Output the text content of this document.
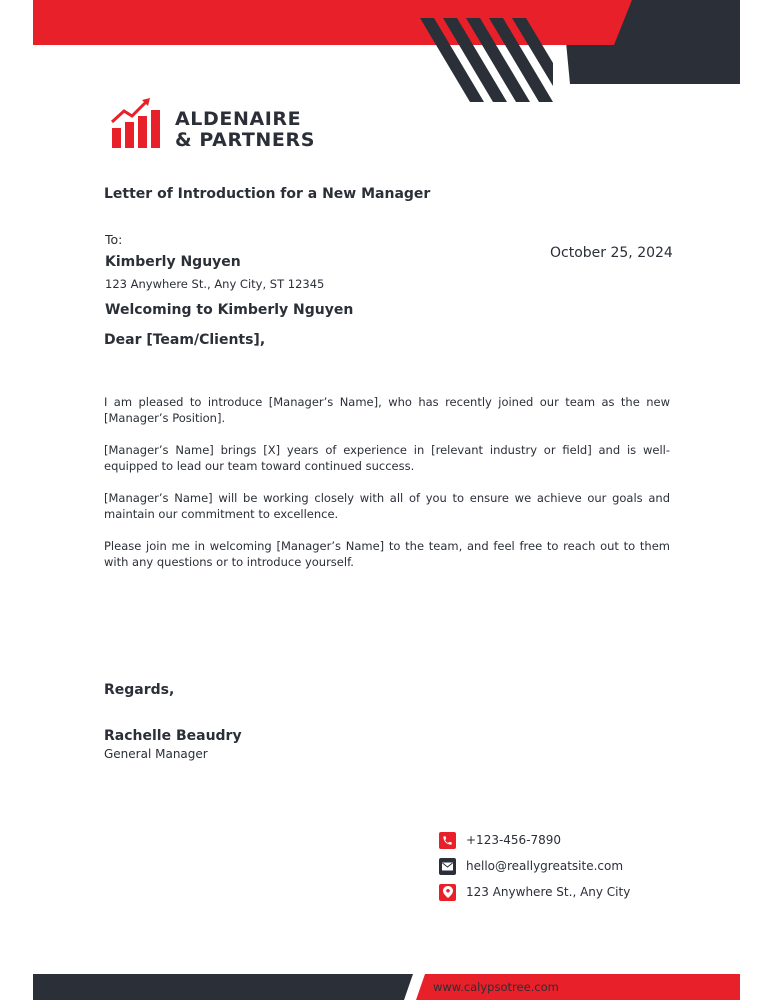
ALDENAIRE
& PARTNERS
Letter of Introduction for a New Manager
To:
Kimberly Nguyen
123 Anywhere St., Any City, ST 12345
October 25, 2024
Welcoming to Kimberly Nguyen
Dear [Team/Clients],
I am pleased to introduce [Manager’s Name], who has recently joined our team as the new [Manager’s Position].
[Manager’s Name] brings [X] years of experience in [relevant industry or field] and is well-equipped to lead our team toward continued success.
[Manager’s Name] will be working closely with all of you to ensure we achieve our goals and maintain our commitment to excellence.
Please join me in welcoming [Manager’s Name] to the team, and feel free to reach out to them with any questions or to introduce yourself.
Regards,
Rachelle Beaudry
General Manager
+123-456-7890
hello@reallygreatsite.com
123 Anywhere St., Any City
www.calypsotree.com
